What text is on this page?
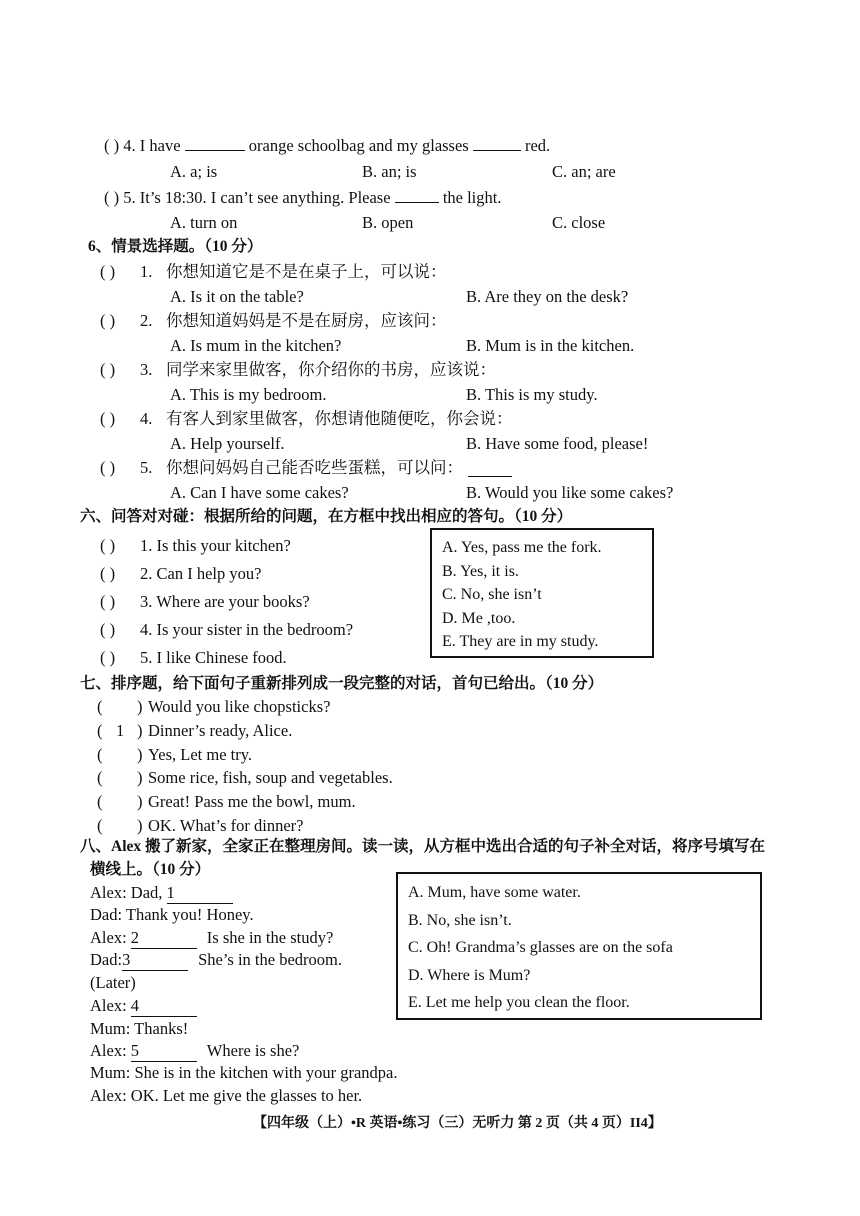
( ) 4. I have	orange schoolbag and my glasses	red.
A. a; is	B. an; is	C. an; are
( ) 5. It’s 18:30. I can’t see anything. Please	the light.
A. turn on	B. open	C. close
6、情景选择题。（10 分）
( ) 1. 你想知道它是不是在桌子上，可以说：
A. Is it on the table?	B. Are they on the desk?
( ) 2. 你想知道妈妈是不是在厨房，应该问：
A. Is mum in the kitchen?	B. Mum is in the kitchen.
( ) 3. 同学来家里做客，你介绍你的书房，应该说：
A. This is my bedroom.	B. This is my study.
( ) 4. 有客人到家里做客，你想请他随便吃，你会说：
A. Help yourself.	B. Have some food, please!
( ) 5. 你想问妈妈自己能否吃些蛋糕，可以问：
A. Can I have some cakes?	B. Would you like some cakes?
六、问答对对碰：根据所给的问题，在方框中找出相应的答句。（10 分）
( ) 1. Is this your kitchen?
( ) 2. Can I help you?
( ) 3. Where are your books?
( ) 4. Is your sister in the bedroom?
( ) 5. I like Chinese food.
A. Yes, pass me the fork.
B. Yes, it is.
C. No, she isn’t
D. Me ,too.
E. They are in my study.
七、排序题，给下面句子重新排列成一段完整的对话，首句已给出。（10 分）
( ) Would you like chopsticks?
( 1 ) Dinner’s ready, Alice.
( ) Yes, Let me try.
( ) Some rice, fish, soup and vegetables.
( ) Great! Pass me the bowl, mum.
( ) OK. What’s for dinner?
八、Alex 搬了新家，全家正在整理房间。读一读，从方框中选出合适的句子补全对话，将序号填写在
横线上。（10 分）
Alex: Dad, 1
Dad: Thank you! Honey.
Alex: 2	Is she in the study?
Dad:3	She’s in the bedroom.
(Later)
Alex: 4
Mum: Thanks!
Alex: 5	Where is she?
Mum: She is in the kitchen with your grandpa.
Alex: OK. Let me give the glasses to her.
A. Mum, have some water.
B. No, she isn’t.
C. Oh! Grandma’s glasses are on the sofa
D. Where is Mum?
E. Let me help you clean the floor.
【四年级（上）•R 英语•练习（三）无听力 第 2 页（共 4 页）II4】
